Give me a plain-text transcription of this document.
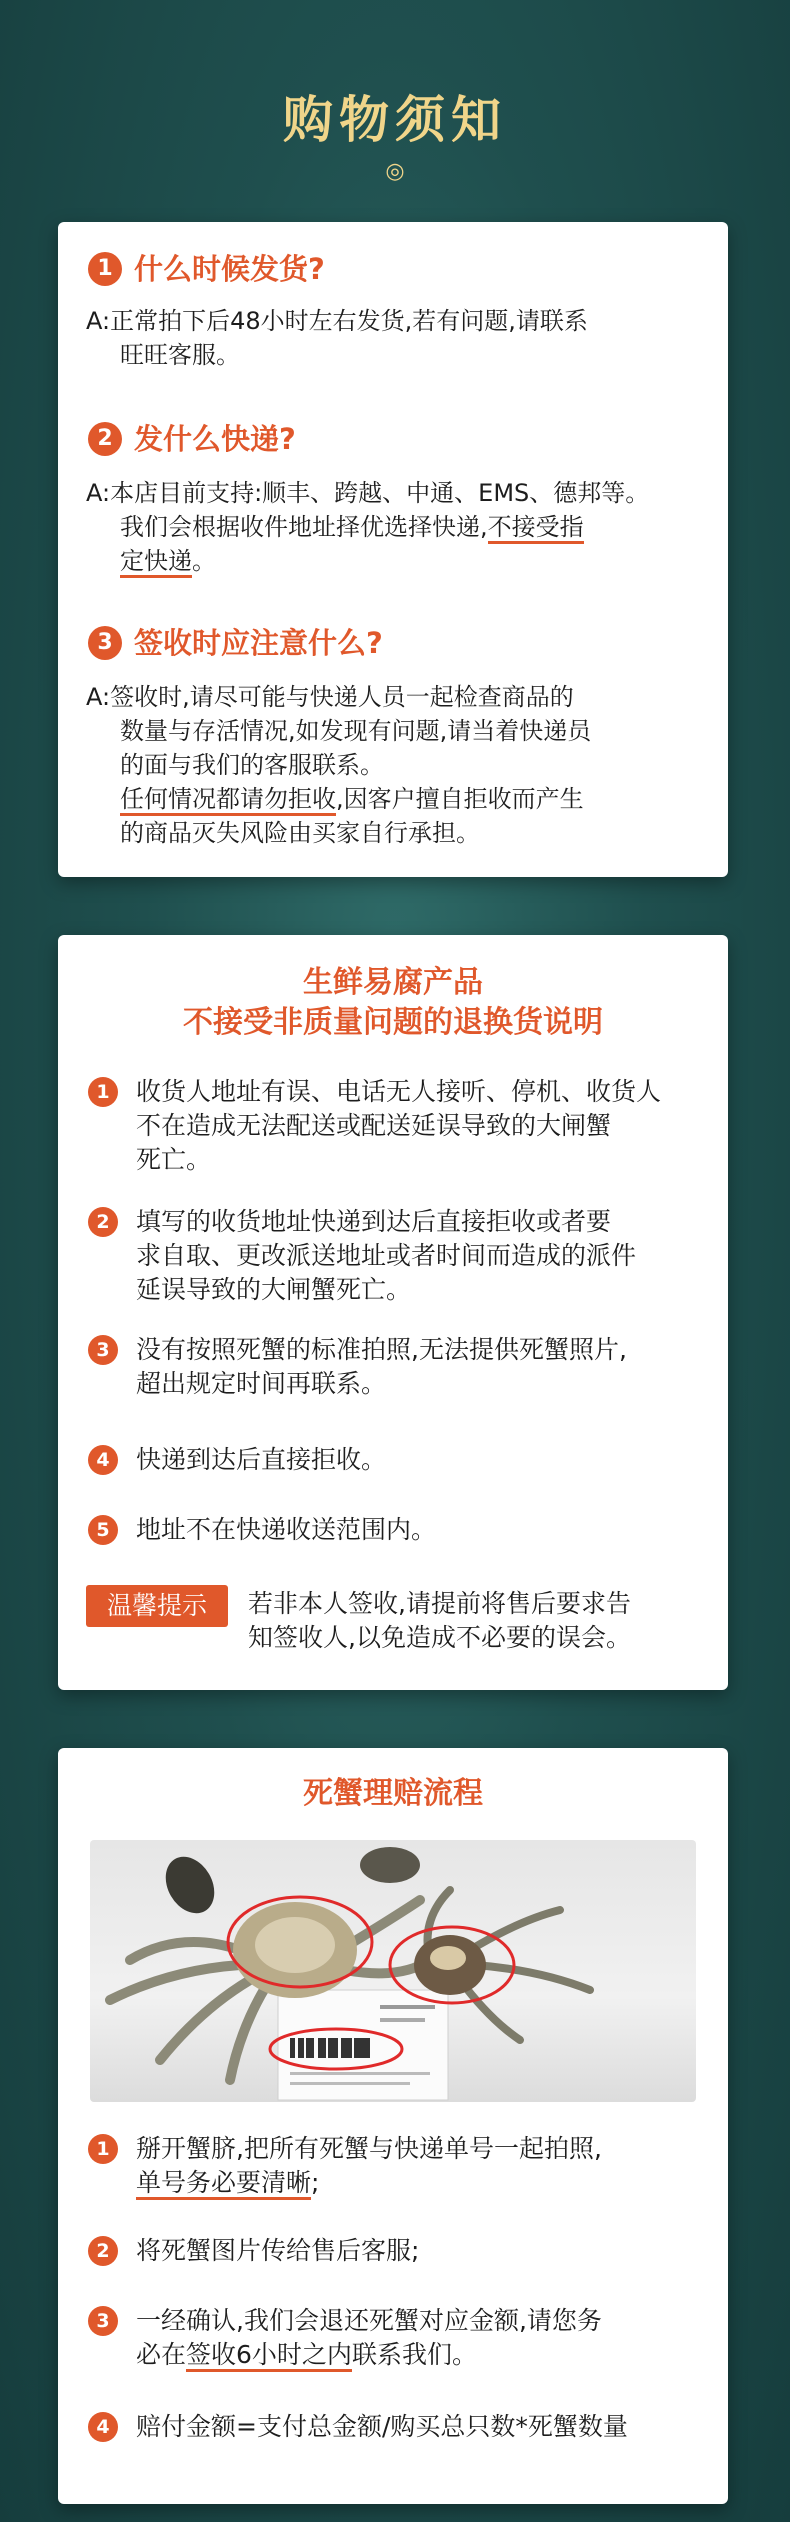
购物须知
◎
1 什么时候发货?
A:正常拍下后48小时左右发货,若有问题,请联系
旺旺客服。
2 发什么快递?
A:本店目前支持:顺丰、跨越、中通、EMS、德邦等。
我们会根据收件地址择优选择快递,不接受指
定快递。
3 签收时应注意什么?
A:签收时,请尽可能与快递人员一起检查商品的
数量与存活情况,如发现有问题,请当着快递员
的面与我们的客服联系。
任何情况都请勿拒收,因客户擅自拒收而产生
的商品灭失风险由买家自行承担。
生鲜易腐产品
不接受非质量问题的退换货说明
1	收货人地址有误、电话无人接听、停机、收货人
不在造成无法配送或配送延误导致的大闸蟹
死亡。
2	填写的收货地址快递到达后直接拒收或者要
求自取、更改派送地址或者时间而造成的派件
延误导致的大闸蟹死亡。
3	没有按照死蟹的标准拍照,无法提供死蟹照片,
超出规定时间再联系。
4	快递到达后直接拒收。
5	地址不在快递收送范围内。
温馨提示	若非本人签收,请提前将售后要求告
知签收人,以免造成不必要的误会。
死蟹理赔流程
1	掰开蟹脐,把所有死蟹与快递单号一起拍照,
单号务必要清晰;
2	将死蟹图片传给售后客服;
3	一经确认,我们会退还死蟹对应金额,请您务
必在签收6小时之内联系我们。
4	赔付金额=支付总金额/购买总只数*死蟹数量
